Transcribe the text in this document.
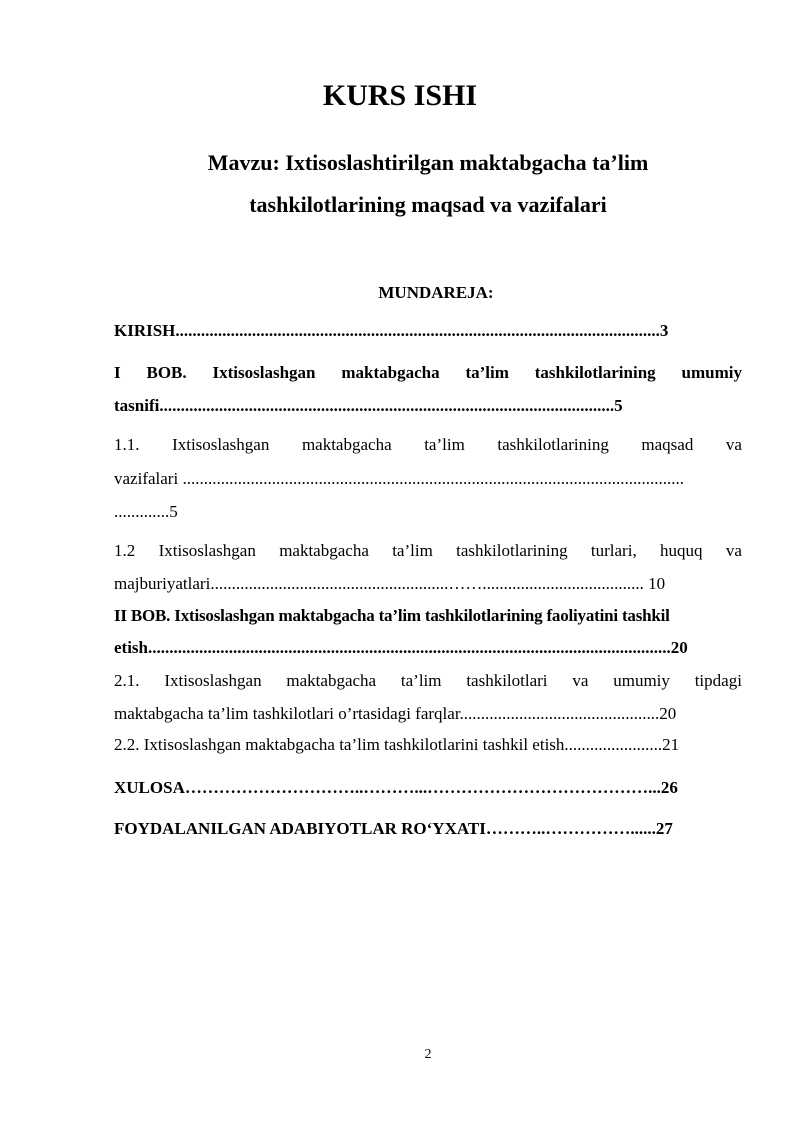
KURS ISHI
Mavzu: Ixtisoslashtirilgan maktabgacha ta’lim
tashkilotlarining maqsad va vazifalari
MUNDAREJA:
KIRISH..................................................................................................................3
I BOB. Ixtisoslashgan maktabgacha ta’lim tashkilotlarining umumiy
tasnifi...........................................................................................................5
1.1. Ixtisoslashgan maktabgacha ta’lim tashkilotlarining maqsad va
vazifalari ......................................................................................................................
.............5
1.2 Ixtisoslashgan maktabgacha ta’lim tashkilotlarining turlari, huquq va
majburiyatlari........................................................……...................................... 10
II BOB. Ixtisoslashgan maktabgacha ta’lim tashkilotlarining faoliyatini tashkil
etish...........................................................................................................................20
2.1. Ixtisoslashgan maktabgacha ta’lim tashkilotlari va umumiy tipdagi
maktabgacha ta’lim tashkilotlari o’rtasidagi farqlar...............................................20
2.2. Ixtisoslashgan maktabgacha ta’lim tashkilotlarini tashkil etish.......................21
XULOSA…………………………..………...…………………………………...26
FOYDALANILGAN ADABIYOTLAR RO‘YXATI………..……………......27
2
